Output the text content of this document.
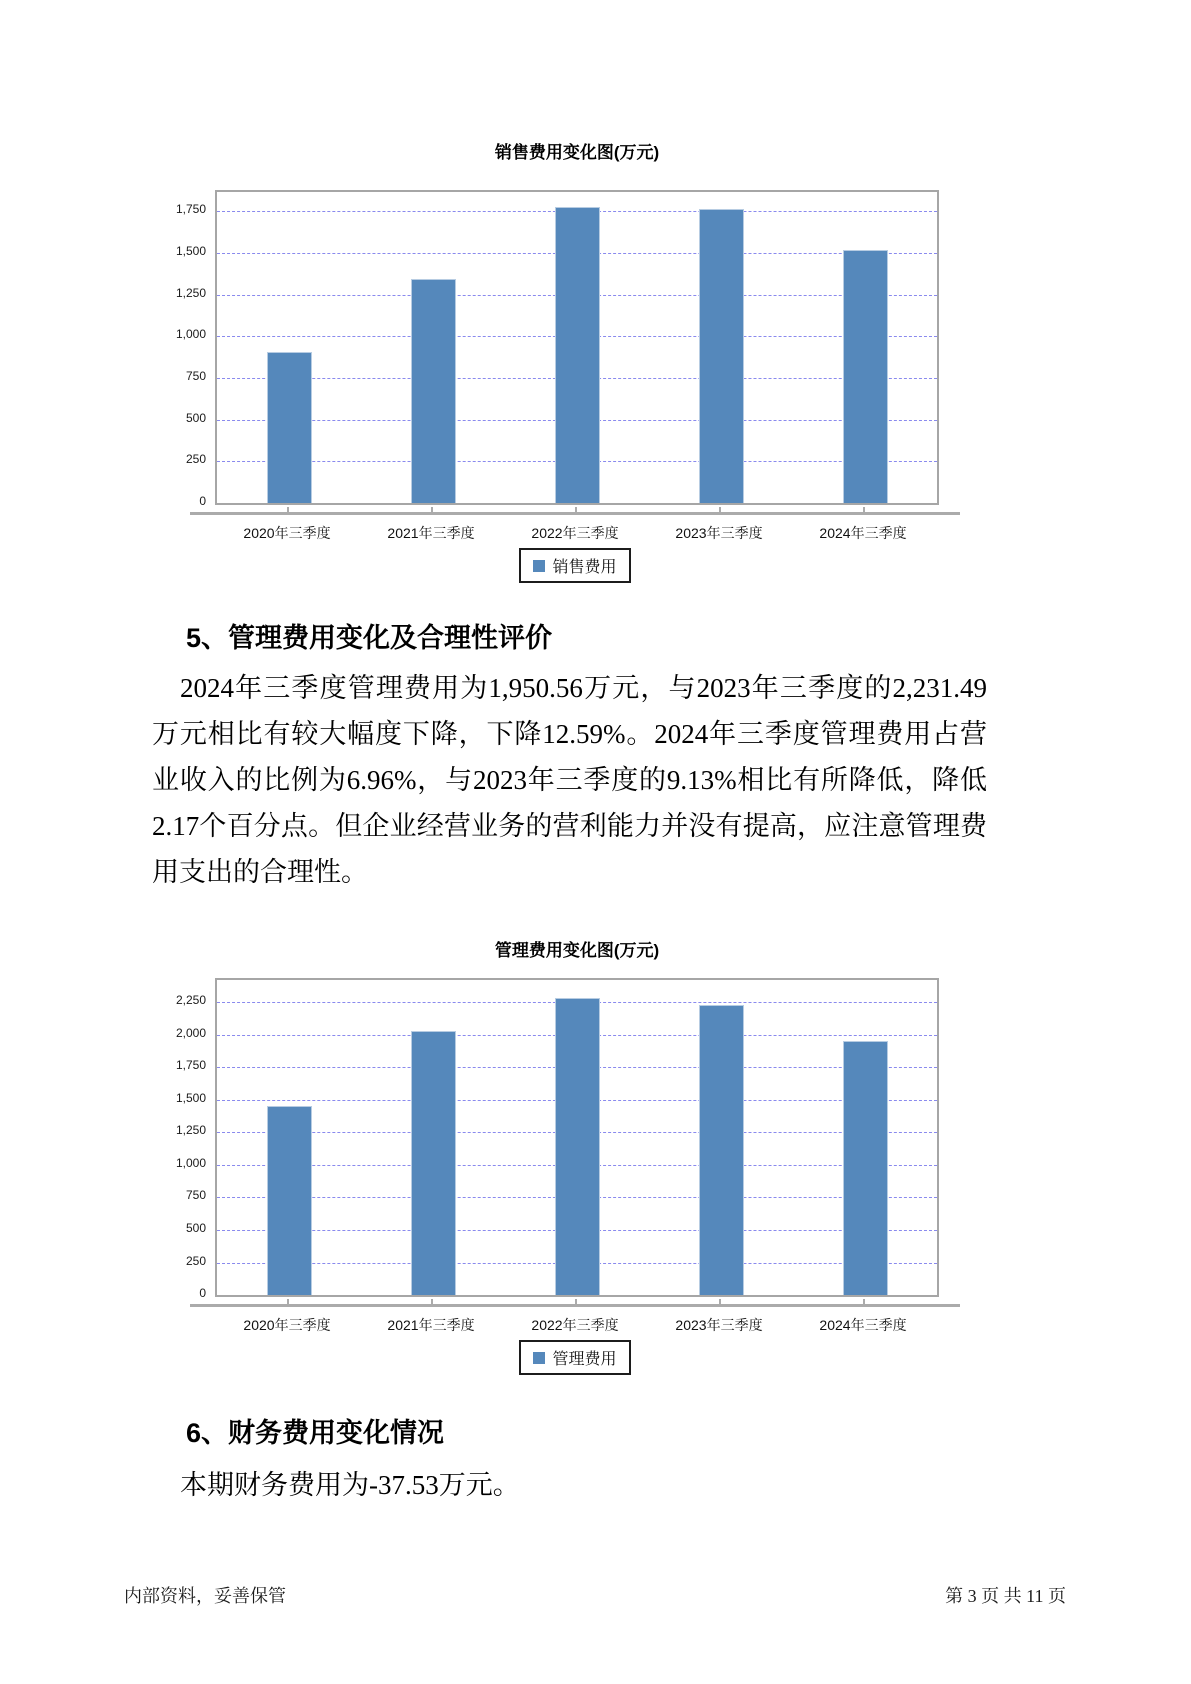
销售费用变化图(万元)
0
250
500
750
1,000
1,250
1,500
1,750
2020年三季度	2021年三季度	2022年三季度	2023年三季度	2024年三季度
销售费用
5、管理费用变化及合理性评价
2024年三季度管理费用为1,950.56万元，与2023年三季度的2,231.49万元相比有较大幅度下降，下降12.59%。2024年三季度管理费用占营业收入的比例为6.96%，与2023年三季度的9.13%相比有所降低，降低2.17个百分点。但企业经营业务的营利能力并没有提高，应注意管理费用支出的合理性。
管理费用变化图(万元)
0
250
500
750
1,000
1,250
1,500
1,750
2,000
2,250
2020年三季度	2021年三季度	2022年三季度	2023年三季度	2024年三季度
管理费用
6、财务费用变化情况
本期财务费用为-37.53万元。
内部资料，妥善保管	第 3 页 共 11 页
